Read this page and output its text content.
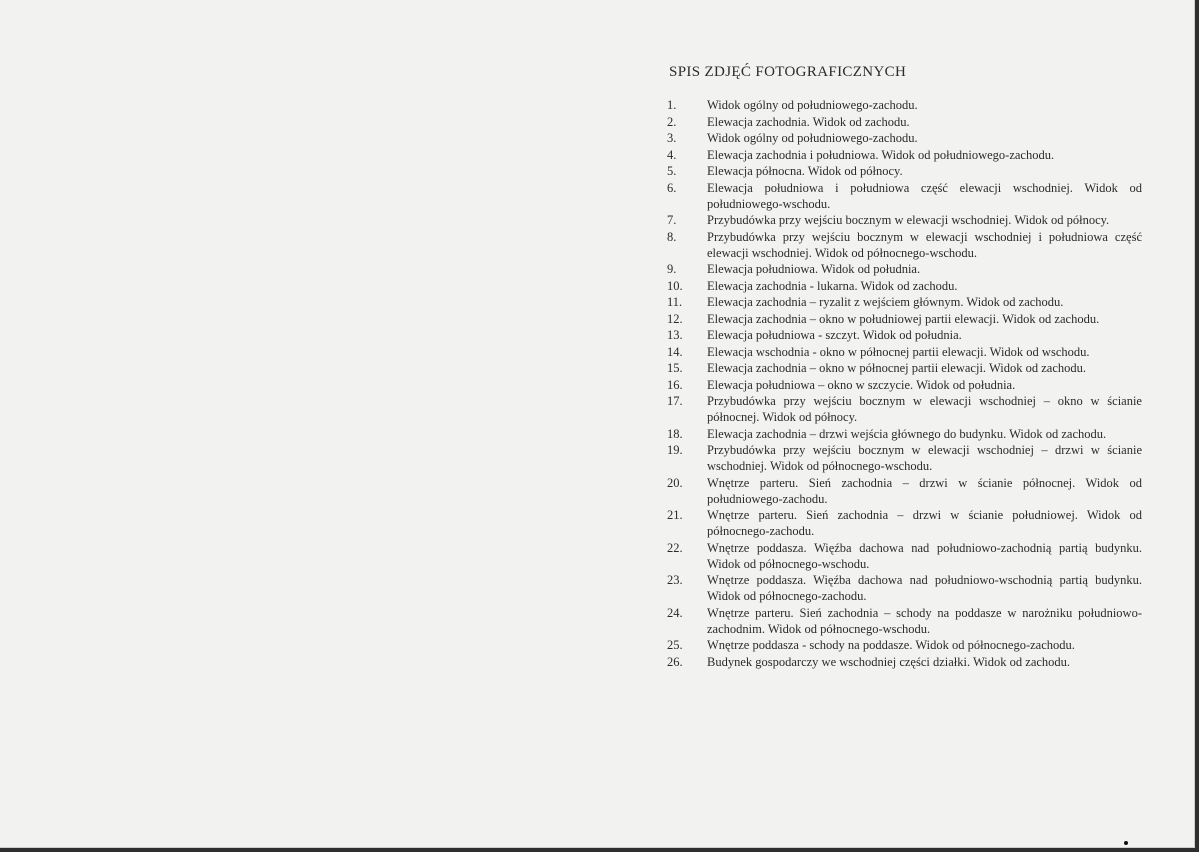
SPIS ZDJĘĆ FOTOGRAFICZNYCH
1.	Widok ogólny od południowego-zachodu.
2.	Elewacja zachodnia. Widok od zachodu.
3.	Widok ogólny od południowego-zachodu.
4.	Elewacja zachodnia i południowa. Widok od południowego-zachodu.
5.	Elewacja północna. Widok od północy.
6.	Elewacja południowa i południowa część elewacji wschodniej. Widok od południowego-wschodu.
7.	Przybudówka przy wejściu bocznym w elewacji wschodniej. Widok od północy.
8.	Przybudówka przy wejściu bocznym w elewacji wschodniej i południowa część elewacji wschodniej. Widok od północnego-wschodu.
9.	Elewacja południowa. Widok od południa.
10.	Elewacja zachodnia - lukarna. Widok od zachodu.
11.	Elewacja zachodnia – ryzalit z wejściem głównym. Widok od zachodu.
12.	Elewacja zachodnia – okno w południowej partii elewacji. Widok od zachodu.
13.	Elewacja południowa - szczyt. Widok od południa.
14.	Elewacja wschodnia - okno w północnej partii elewacji. Widok od wschodu.
15.	Elewacja zachodnia – okno w północnej partii elewacji. Widok od zachodu.
16.	Elewacja południowa – okno w szczycie. Widok od południa.
17.	Przybudówka przy wejściu bocznym w elewacji wschodniej – okno w ścianie północnej. Widok od północy.
18.	Elewacja zachodnia – drzwi wejścia głównego do budynku. Widok od zachodu.
19.	Przybudówka przy wejściu bocznym w elewacji wschodniej – drzwi w ścianie wschodniej. Widok od północnego-wschodu.
20.	Wnętrze parteru. Sień zachodnia – drzwi w ścianie północnej. Widok od południowego-zachodu.
21.	Wnętrze parteru. Sień zachodnia – drzwi w ścianie południowej. Widok od północnego-zachodu.
22.	Wnętrze poddasza. Więźba dachowa nad południowo-zachodnią partią budynku. Widok od północnego-wschodu.
23.	Wnętrze poddasza. Więźba dachowa nad południowo-wschodnią partią budynku. Widok od północnego-zachodu.
24.	Wnętrze parteru. Sień zachodnia – schody na poddasze w narożniku południowo-zachodnim. Widok od północnego-wschodu.
25.	Wnętrze poddasza - schody na poddasze. Widok od północnego-zachodu.
26.	Budynek gospodarczy we wschodniej części działki. Widok od zachodu.
